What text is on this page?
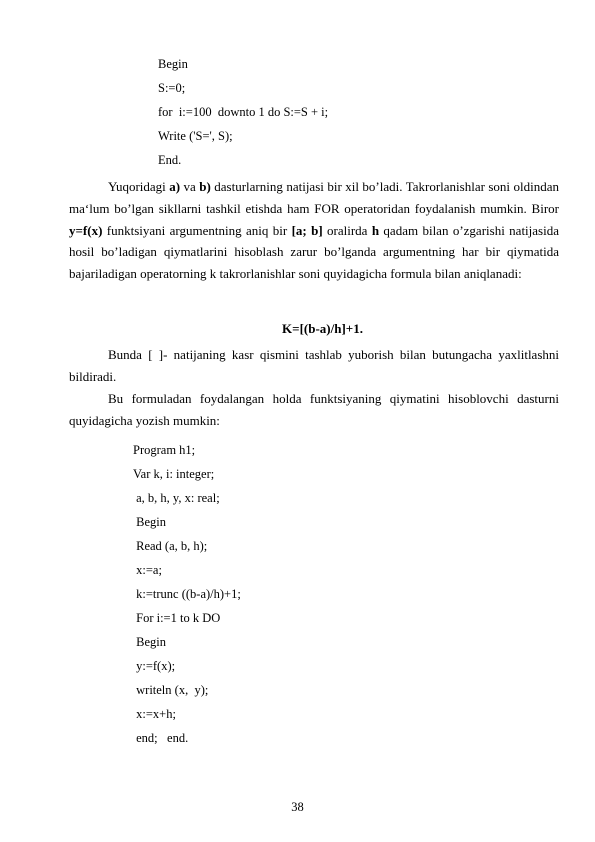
Begin
S:=0;
for  i:=100  downto 1 do S:=S + i;
Write ('S=', S);
End.
Yuqoridagi a) va b) dasturlarning natijasi bir xil bo’ladi. Takrorlanishlar soni oldindan ma‘lum bo’lgan sikllarni tashkil etishda ham FOR operatoridan foydalanish mumkin. Biror y=f(x) funktsiyani argumentning aniq bir [a; b] oralirda h qadam bilan o’zgarishi natijasida hosil bo’ladigan qiymatlarini hisoblash zarur bo’lganda argumentning har bir qiymatida bajariladigan operatorning k takrorlanishlar soni quyidagicha formula bilan aniqlanadi:
K=[(b-a)/h]+1.
Bunda [ ]- natijaning kasr qismini tashlab yuborish bilan butungacha yaxlitlashni bildiradi.
Bu formuladan foydalangan holda funktsiyaning qiymatini hisoblovchi dasturni quyidagicha yozish mumkin:
Program h1;
Var k, i: integer;
a, b, h, y, x: real;
Begin
Read (a, b, h);
x:=a;
k:=trunc ((b-a)/h)+1;
For i:=1 to k DO
Begin
y:=f(x);
writeln (x,  y);
x:=x+h;
end;   end.
38
